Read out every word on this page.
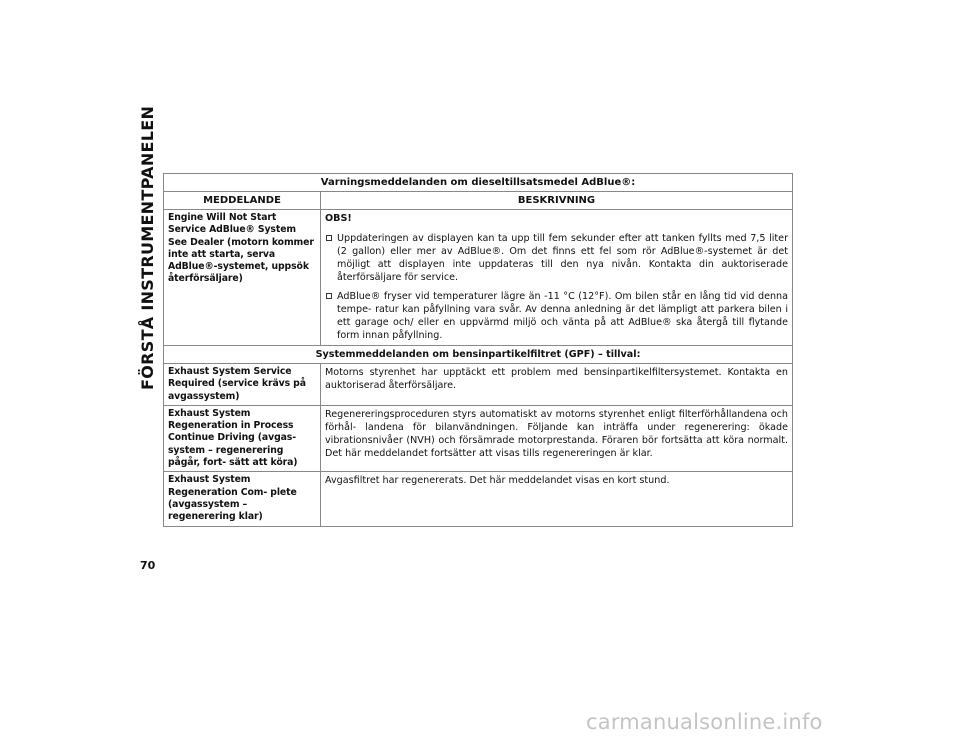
FÖRSTÅ INSTRUMENTPANELEN
70
carmanualsonline.info
Varningsmeddelanden om dieseltillsatsmedel AdBlue®:	
MEDDELANDE	BESKRIVNING
Engine Will Not Start Service AdBlue® System See Dealer (motorn kommer inte att starta, serva AdBlue®-systemet, uppsök återförsäljare)	OBS!
Uppdateringen av displayen kan ta upp till fem sekunder efter att tanken fyllts med 7,5 liter (2 gallon) eller mer av AdBlue®. Om det finns ett fel som rör AdBlue®-systemet är det möjligt att displayen inte uppdateras till den nya nivån. Kontakta din auktoriserade återförsäljare för service.
AdBlue® fryser vid temperaturer lägre än -11 °C (12°F). Om bilen står en lång tid vid denna tempe- ratur kan påfyllning vara svår. Av denna anledning är det lämpligt att parkera bilen i ett garage och/ eller en uppvärmd miljö och vänta på att AdBlue® ska återgå till flytande form innan påfyllning.

Systemmeddelanden om bensinpartikelfiltret (GPF) – tillval:	
Exhaust System Service Required (service krävs på avgassystem)	Motorns styrenhet har upptäckt ett problem med bensinpartikelfiltersystemet. Kontakta en auktoriserad återförsäljare.
Exhaust System Regeneration in Process Continue Driving (avgas- system – regenerering pågår, fort- sätt att köra)	Regenereringsproceduren styrs automatiskt av motorns styrenhet enligt filterförhållandena och förhål- landena för bilanvändningen. Följande kan inträffa under regenerering: ökade vibrationsnivåer (NVH) och försämrade motorprestanda. Föraren bör fortsätta att köra normalt. Det här meddelandet fortsätter att visas tills regenereringen är klar.
Exhaust System Regeneration Com- plete (avgassystem – regenerering klar)	Avgasfiltret har regenererats. Det här meddelandet visas en kort stund.
